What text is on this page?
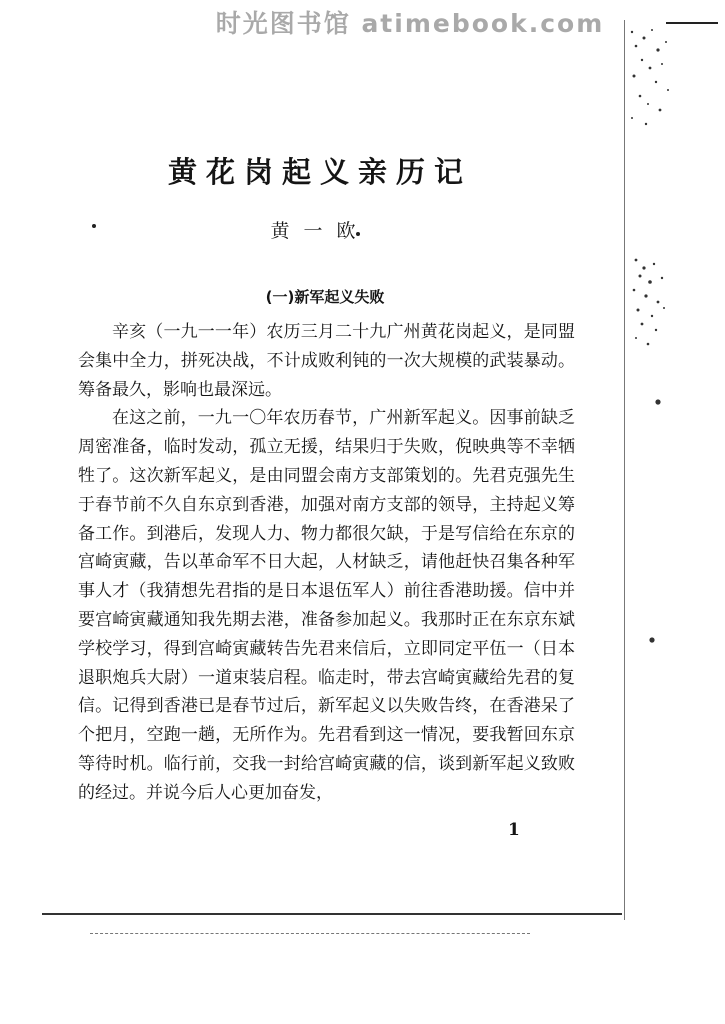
时光图书馆 atimebook.com
黄花岗起义亲历记
黄一欧
(一)新军起义失败

辛亥（一九一一年）农历三月二十九广州黄花岗起义，是同盟会集中全力，拼死决战，不计成败利钝的一次大规模的武装暴动。筹备最久，影响也最深远。

在这之前，一九一〇年农历春节，广州新军起义。因事前缺乏周密准备，临时发动，孤立无援，结果归于失败，倪映典等不幸牺牲了。这次新军起义，是由同盟会南方支部策划的。先君克强先生于春节前不久自东京到香港，加强对南方支部的领导，主持起义筹备工作。到港后，发现人力、物力都很欠缺，于是写信给在东京的宫崎寅藏，告以革命军不日大起，人材缺乏，请他赶快召集各种军事人才（我猜想先君指的是日本退伍军人）前往香港助援。信中并要宫崎寅藏通知我先期去港，准备参加起义。我那时正在东京东斌学校学习，得到宫崎寅藏转告先君来信后，立即同定平伍一（日本退职炮兵大尉）一道束装启程。临走时，带去宫崎寅藏给先君的复信。记得到香港已是春节过后，新军起义以失败告终，在香港呆了个把月，空跑一趟，无所作为。先君看到这一情况，要我暂回东京等待时机。临行前，交我一封给宫崎寅藏的信，谈到新军起义致败的经过。并说今后人心更加奋发，

1
